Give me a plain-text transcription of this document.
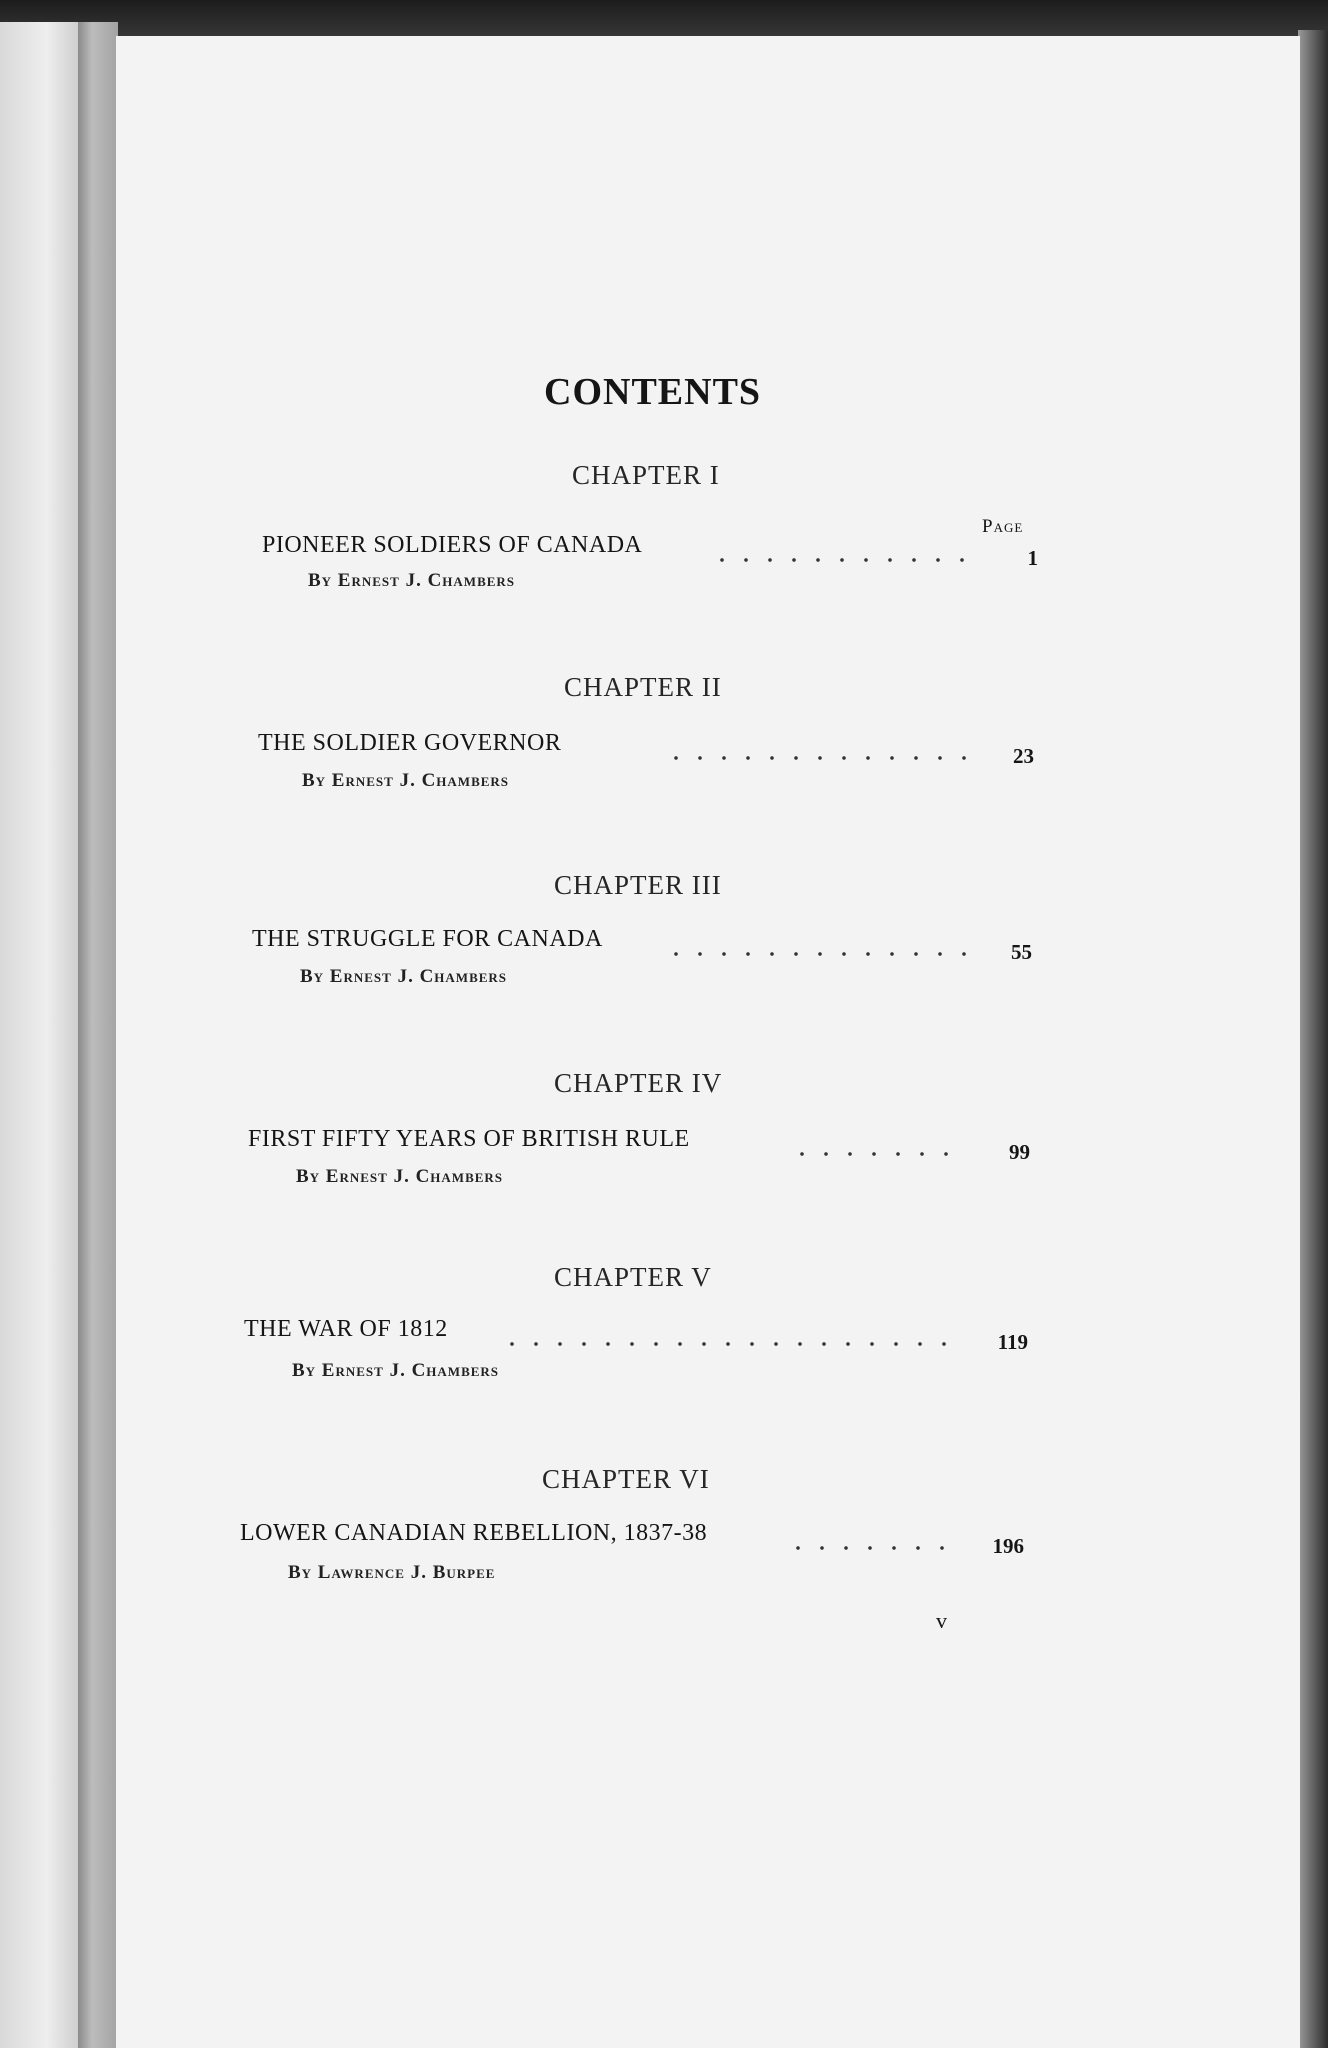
CONTENTS
Page
CHAPTER I
PIONEER SOLDIERS OF CANADA	1
By Ernest J. Chambers
CHAPTER II
THE SOLDIER GOVERNOR	23
By Ernest J. Chambers
CHAPTER III
THE STRUGGLE FOR CANADA	55
By Ernest J. Chambers
CHAPTER IV
FIRST FIFTY YEARS OF BRITISH RULE	99
By Ernest J. Chambers
CHAPTER V
THE WAR OF 1812	119
By Ernest J. Chambers
CHAPTER VI
LOWER CANADIAN REBELLION, 1837-38	196
By Lawrence J. Burpee
v
